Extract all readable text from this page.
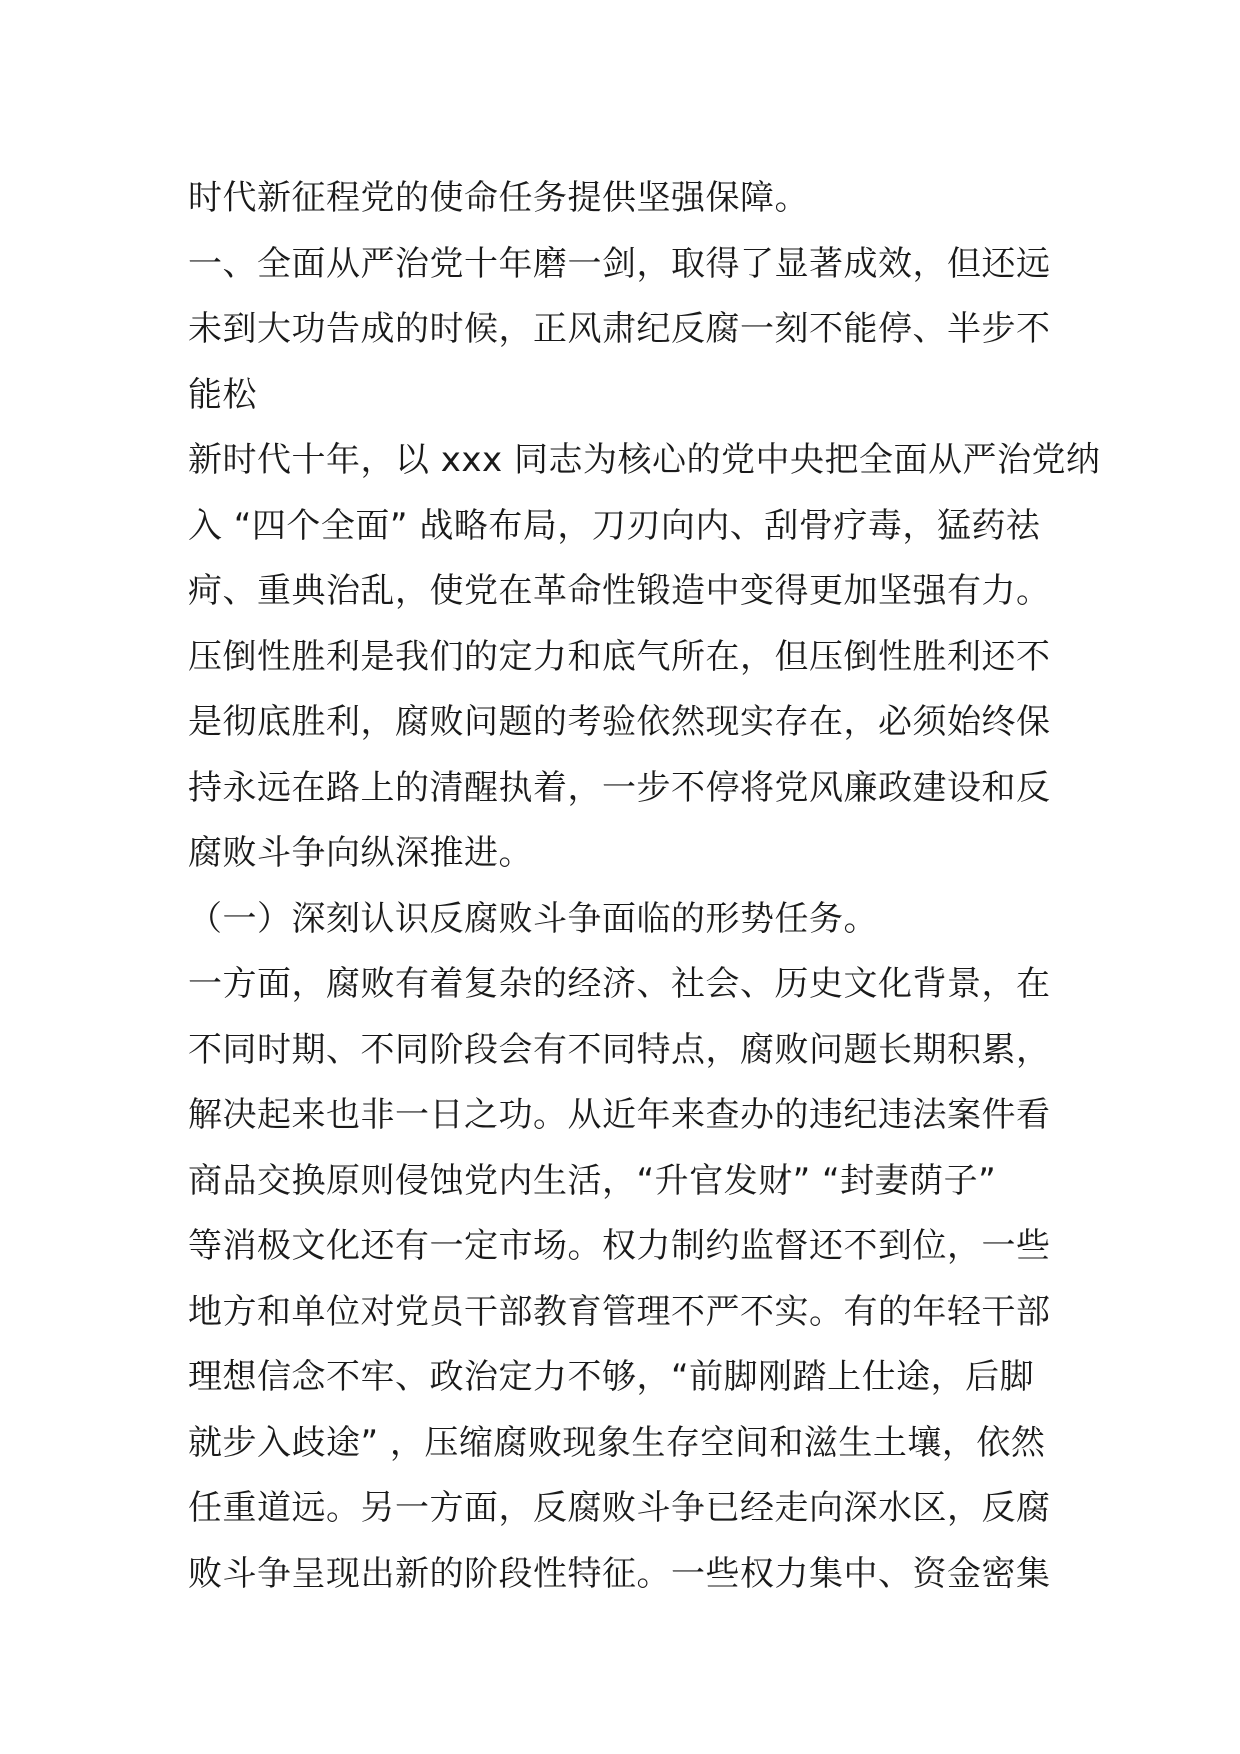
时代新征程党的使命任务提供坚强保障。
一、全面从严治党十年磨一剑，取得了显著成效，但还远
未到大功告成的时候，正风肃纪反腐一刻不能停、半步不
能松
新时代十年，以 xxx 同志为核心的党中央把全面从严治党纳
入 “四个全面” 战略布局，刀刃向内、刮骨疗毒，猛药祛
疴、重典治乱，使党在革命性锻造中变得更加坚强有力。
压倒性胜利是我们的定力和底气所在，但压倒性胜利还不
是彻底胜利，腐败问题的考验依然现实存在，必须始终保
持永远在路上的清醒执着，一步不停将党风廉政建设和反
腐败斗争向纵深推进。
（一）深刻认识反腐败斗争面临的形势任务。
一方面，腐败有着复杂的经济、社会、历史文化背景，在
不同时期、不同阶段会有不同特点，腐败问题长期积累，
解决起来也非一日之功。从近年来查办的违纪违法案件看
商品交换原则侵蚀党内生活，“升官发财” “封妻荫子”
等消极文化还有一定市场。权力制约监督还不到位，一些
地方和单位对党员干部教育管理不严不实。有的年轻干部
理想信念不牢、政治定力不够，“前脚刚踏上仕途，后脚
就步入歧途” ，压缩腐败现象生存空间和滋生土壤，依然
任重道远。另一方面，反腐败斗争已经走向深水区，反腐
败斗争呈现出新的阶段性特征。一些权力集中、资金密集
